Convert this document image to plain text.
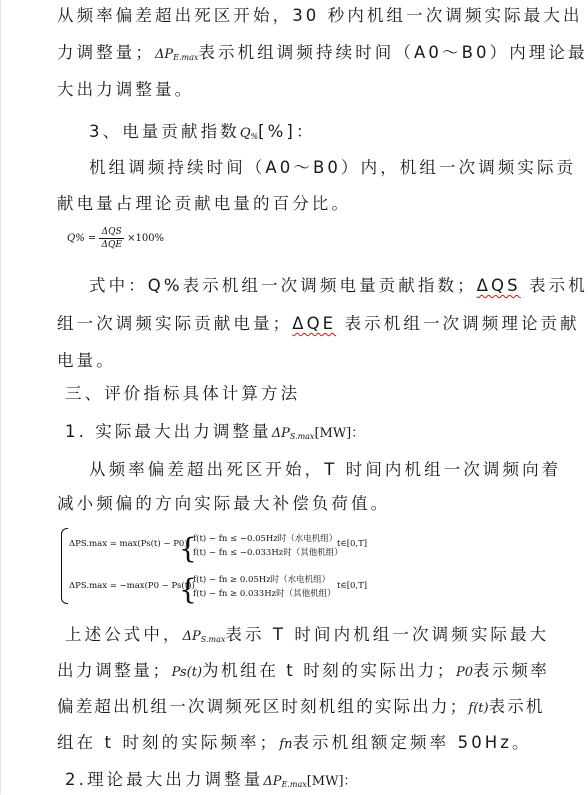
从频率偏差超出死区开始，30 秒内机组一次调频实际最大出
力调整量；$\Delta P_{E.max}$表示机组调频持续时间（A0～B0）内理论最
大出力调整量。
3、电量贡献指数$Q_{\%}[\%]$：
机组调频持续时间（A0～B0）内，机组一次调频实际贡
献电量占理论贡献电量的百分比。
$Q\% = \frac{\text{ΔQS}}{\text{ΔQE}} \times 100\%$
式中：Q%表示机组一次调频电量贡献指数；ΔQS 表示机
组一次调频实际贡献电量；ΔQE 表示机组一次调频理论贡献
电量。
三、评价指标具体计算方法
1. 实际最大出力调整量$\Delta P_{S.max}[MW]$：
从频率偏差超出死区开始，T 时间内机组一次调频向着
减小频偏的方向实际最大补偿负荷值。
ΔPS.max = max(Ps(t) − P0)
{
f(t) − fn ≤ −0.05Hz时（水电机组）
f(t) − fn ≤ −0.033Hz时（其他机组）
t∈[0,T]
ΔPS.max = −max(P0 − Ps(t))
{
f(t) − fn ≥ 0.05Hz时（水电机组）
f(t) − fn ≥ 0.033Hz时（其他机组）
t∈[0,T]
上述公式中，$\Delta P_{S.max}$表示 T 时间内机组一次调频实际最大
出力调整量；Ps(t)为机组在 t 时刻的实际出力；P0表示频率
偏差超出机组一次调频死区时刻机组的实际出力；f(t)表示机
组在 t 时刻的实际频率；fn表示机组额定频率 50Hz。
2.理论最大出力调整量$\Delta P_{E.max}[MW]$：
